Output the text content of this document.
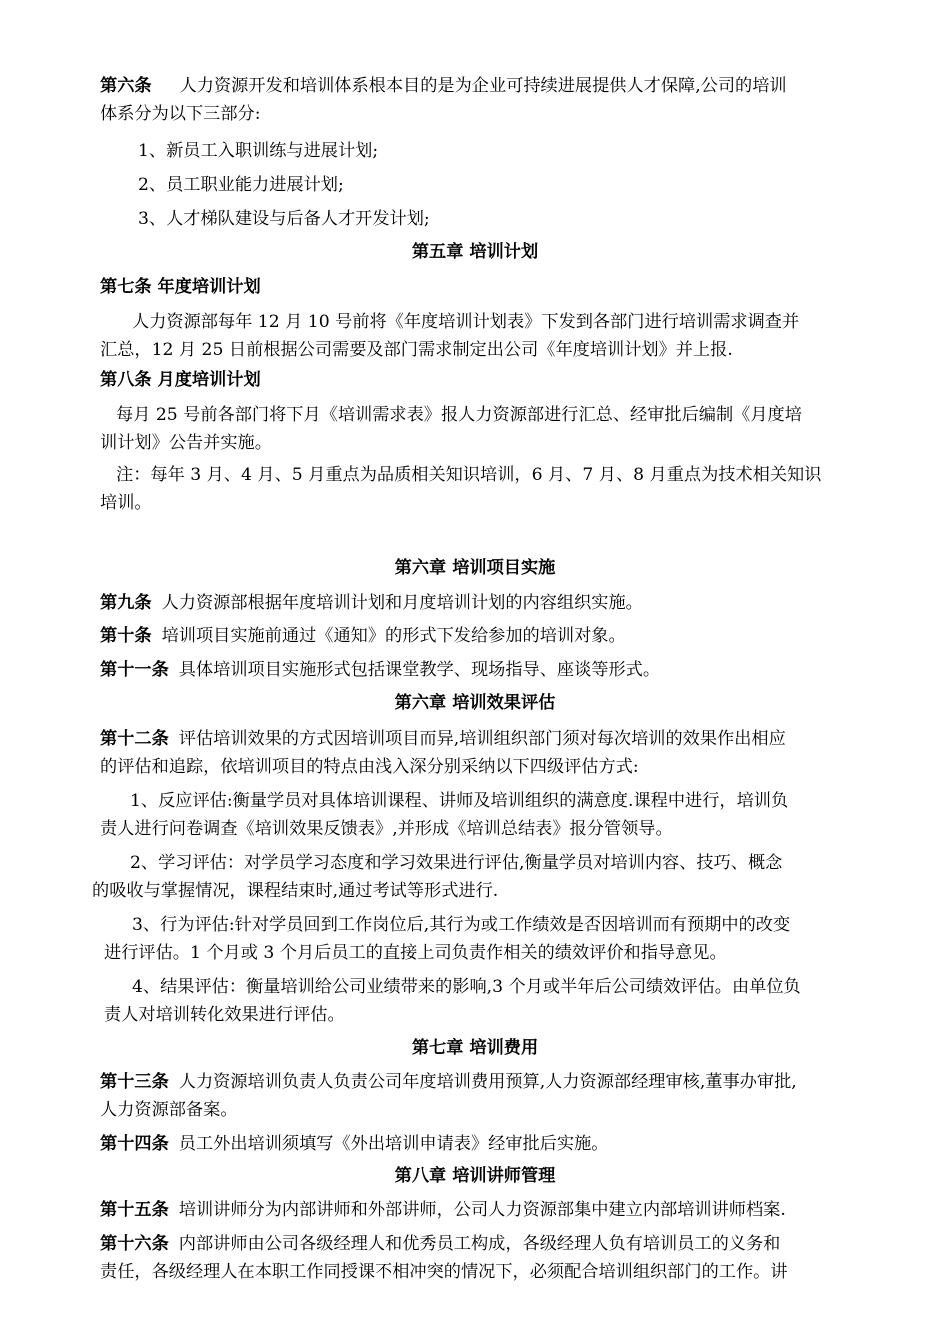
第六条 人力资源开发和培训体系根本目的是为企业可持续进展提供人才保障,公司的培训
体系分为以下三部分:
1、新员工入职训练与进展计划;
2、员工职业能力进展计划;
3、人才梯队建设与后备人才开发计划;
第五章 培训计划
第七条 年度培训计划
人力资源部每年 12 月 10 号前将《年度培训计划表》下发到各部门进行培训需求调查并
汇总，12 月 25 日前根据公司需要及部门需求制定出公司《年度培训计划》并上报.
第八条 月度培训计划
每月 25 号前各部门将下月《培训需求表》报人力资源部进行汇总、经审批后编制《月度培
训计划》公告并实施。
注：每年 3 月、4 月、5 月重点为品质相关知识培训，6 月、7 月、8 月重点为技术相关知识
培训。
第六章 培训项目实施
第九条 人力资源部根据年度培训计划和月度培训计划的内容组织实施。
第十条 培训项目实施前通过《通知》的形式下发给参加的培训对象。
第十一条 具体培训项目实施形式包括课堂教学、现场指导、座谈等形式。
第六章 培训效果评估
第十二条 评估培训效果的方式因培训项目而异,培训组织部门须对每次培训的效果作出相应
的评估和追踪，依培训项目的特点由浅入深分别采纳以下四级评估方式:
1、反应评估:衡量学员对具体培训课程、讲师及培训组织的满意度.课程中进行，培训负
责人进行问卷调查《培训效果反馈表》,并形成《培训总结表》报分管领导。
2、学习评估：对学员学习态度和学习效果进行评估,衡量学员对培训内容、技巧、概念
的吸收与掌握情况，课程结束时,通过考试等形式进行.
3、行为评估:针对学员回到工作岗位后,其行为或工作绩效是否因培训而有预期中的改变
进行评估。1 个月或 3 个月后员工的直接上司负责作相关的绩效评价和指导意见。
4、结果评估：衡量培训给公司业绩带来的影响,3 个月或半年后公司绩效评估。由单位负
责人对培训转化效果进行评估。
第七章 培训费用
第十三条 人力资源培训负责人负责公司年度培训费用预算,人力资源部经理审核,董事办审批,
人力资源部备案。
第十四条 员工外出培训须填写《外出培训申请表》经审批后实施。
第八章 培训讲师管理
第十五条 培训讲师分为内部讲师和外部讲师，公司人力资源部集中建立内部培训讲师档案.
第十六条 内部讲师由公司各级经理人和优秀员工构成，各级经理人负有培训员工的义务和
责任，各级经理人在本职工作同授课不相冲突的情况下，必须配合培训组织部门的工作。讲
